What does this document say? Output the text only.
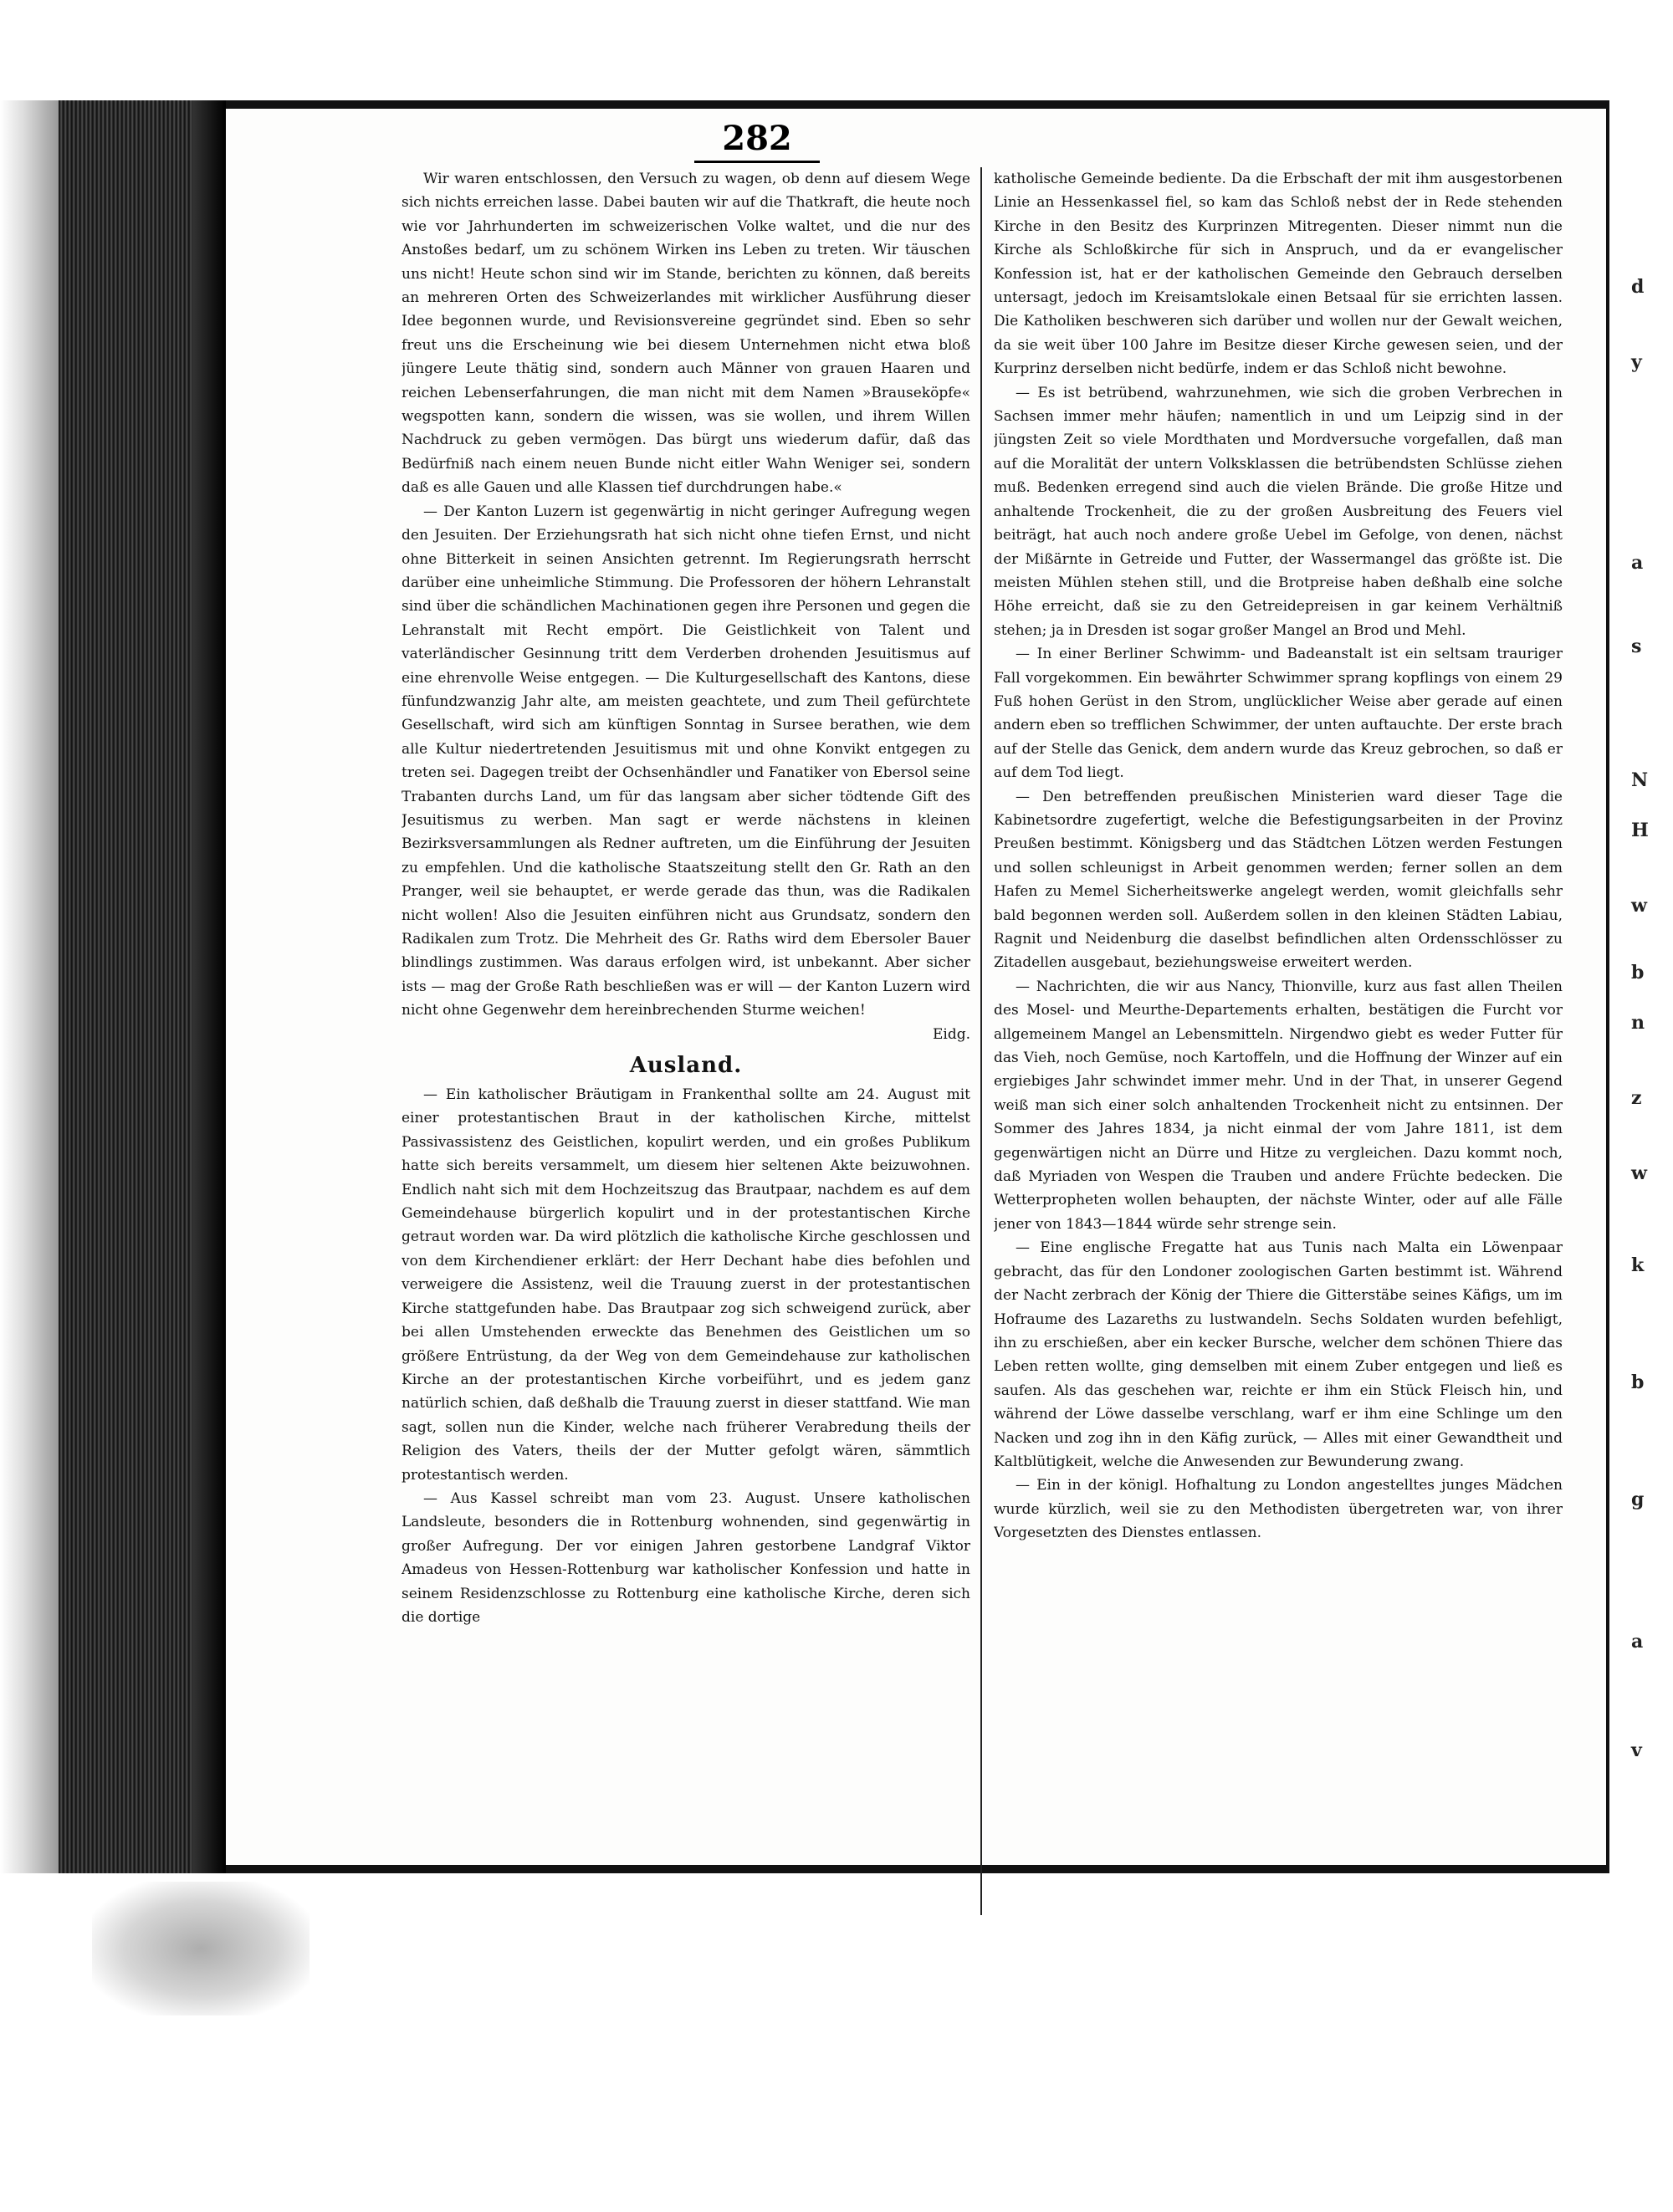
282

Wir waren entschlossen, den Versuch zu wagen, ob denn auf diesem Wege sich nichts erreichen lasse. Dabei bauten wir auf die Thatkraft, die heute noch wie vor Jahrhunderten im schweizerischen Volke waltet, und die nur des Anstoßes bedarf, um zu schönem Wirken ins Leben zu treten. Wir täuschen uns nicht! Heute schon sind wir im Stande, berichten zu können, daß bereits an mehreren Orten des Schweizerlandes mit wirklicher Ausführung dieser Idee begonnen wurde, und Revisionsvereine gegründet sind. Eben so sehr freut uns die Erscheinung wie bei diesem Unternehmen nicht etwa bloß jüngere Leute thätig sind, sondern auch Männer von grauen Haaren und reichen Lebenserfahrungen, die man nicht mit dem Namen »Brauseköpfe« wegspotten kann, sondern die wissen, was sie wollen, und ihrem Willen Nachdruck zu geben vermögen. Das bürgt uns wiederum dafür, daß das Bedürfniß nach einem neuen Bunde nicht eitler Wahn Weniger sei, sondern daß es alle Gauen und alle Klassen tief durchdrungen habe.«

— Der Kanton Luzern ist gegenwärtig in nicht geringer Aufregung wegen den Jesuiten. Der Erziehungsrath hat sich nicht ohne tiefen Ernst, und nicht ohne Bitterkeit in seinen Ansichten getrennt. Im Regierungsrath herrscht darüber eine unheimliche Stimmung. Die Professoren der höhern Lehranstalt sind über die schändlichen Machinationen gegen ihre Personen und gegen die Lehranstalt mit Recht empört. Die Geistlichkeit von Talent und vaterländischer Gesinnung tritt dem Verderben drohenden Jesuitismus auf eine ehrenvolle Weise entgegen. — Die Kulturgesellschaft des Kantons, diese fünfundzwanzig Jahr alte, am meisten geachtete, und zum Theil gefürchtete Gesellschaft, wird sich am künftigen Sonntag in Sursee berathen, wie dem alle Kultur niedertretenden Jesuitismus mit und ohne Konvikt entgegen zu treten sei. Dagegen treibt der Ochsenhändler und Fanatiker von Ebersol seine Trabanten durchs Land, um für das langsam aber sicher tödtende Gift des Jesuitismus zu werben. Man sagt er werde nächstens in kleinen Bezirksversammlungen als Redner auftreten, um die Einführung der Jesuiten zu empfehlen. Und die katholische Staatszeitung stellt den Gr. Rath an den Pranger, weil sie behauptet, er werde gerade das thun, was die Radikalen nicht wollen! Also die Jesuiten einführen nicht aus Grundsatz, sondern den Radikalen zum Trotz. Die Mehrheit des Gr. Raths wird dem Ebersoler Bauer blindlings zustimmen. Was daraus erfolgen wird, ist unbekannt. Aber sicher ists — mag der Große Rath beschließen was er will — der Kanton Luzern wird nicht ohne Gegenwehr dem hereinbrechenden Sturme weichen!

Eidg.
Ausland.

— Ein katholischer Bräutigam in Frankenthal sollte am 24. August mit einer protestantischen Braut in der katholischen Kirche, mittelst Passivassistenz des Geistlichen, kopulirt werden, und ein großes Publikum hatte sich bereits versammelt, um diesem hier seltenen Akte beizuwohnen. Endlich naht sich mit dem Hochzeitszug das Brautpaar, nachdem es auf dem Gemeindehause bürgerlich kopulirt und in der protestantischen Kirche getraut worden war. Da wird plötzlich die katholische Kirche geschlossen und von dem Kirchendiener erklärt: der Herr Dechant habe dies befohlen und verweigere die Assistenz, weil die Trauung zuerst in der protestantischen Kirche stattgefunden habe. Das Brautpaar zog sich schweigend zurück, aber bei allen Umstehenden erweckte das Benehmen des Geistlichen um so größere Entrüstung, da der Weg von dem Gemeindehause zur katholischen Kirche an der protestantischen Kirche vorbeiführt, und es jedem ganz natürlich schien, daß deßhalb die Trauung zuerst in dieser stattfand. Wie man sagt, sollen nun die Kinder, welche nach früherer Verabredung theils der Religion des Vaters, theils der der Mutter gefolgt wären, sämmtlich protestantisch werden.

— Aus Kassel schreibt man vom 23. August. Unsere katholischen Landsleute, besonders die in Rottenburg wohnenden, sind gegenwärtig in großer Aufregung. Der vor einigen Jahren gestorbene Landgraf Viktor Amadeus von Hessen-Rottenburg war katholischer Konfession und hatte in seinem Residenzschlosse zu Rottenburg eine katholische Kirche, deren sich die dortige

katholische Gemeinde bediente. Da die Erbschaft der mit ihm ausgestorbenen Linie an Hessenkassel fiel, so kam das Schloß nebst der in Rede stehenden Kirche in den Besitz des Kurprinzen Mitregenten. Dieser nimmt nun die Kirche als Schloßkirche für sich in Anspruch, und da er evangelischer Konfession ist, hat er der katholischen Gemeinde den Gebrauch derselben untersagt, jedoch im Kreisamtslokale einen Betsaal für sie errichten lassen. Die Katholiken beschweren sich darüber und wollen nur der Gewalt weichen, da sie weit über 100 Jahre im Besitze dieser Kirche gewesen seien, und der Kurprinz derselben nicht bedürfe, indem er das Schloß nicht bewohne.

— Es ist betrübend, wahrzunehmen, wie sich die groben Verbrechen in Sachsen immer mehr häufen; namentlich in und um Leipzig sind in der jüngsten Zeit so viele Mordthaten und Mordversuche vorgefallen, daß man auf die Moralität der untern Volksklassen die betrübendsten Schlüsse ziehen muß. Bedenken erregend sind auch die vielen Brände. Die große Hitze und anhaltende Trockenheit, die zu der großen Ausbreitung des Feuers viel beiträgt, hat auch noch andere große Uebel im Gefolge, von denen, nächst der Mißärnte in Getreide und Futter, der Wassermangel das größte ist. Die meisten Mühlen stehen still, und die Brotpreise haben deßhalb eine solche Höhe erreicht, daß sie zu den Getreidepreisen in gar keinem Verhältniß stehen; ja in Dresden ist sogar großer Mangel an Brod und Mehl.

— In einer Berliner Schwimm- und Badeanstalt ist ein seltsam trauriger Fall vorgekommen. Ein bewährter Schwimmer sprang kopflings von einem 29 Fuß hohen Gerüst in den Strom, unglücklicher Weise aber gerade auf einen andern eben so trefflichen Schwimmer, der unten auftauchte. Der erste brach auf der Stelle das Genick, dem andern wurde das Kreuz gebrochen, so daß er auf dem Tod liegt.

— Den betreffenden preußischen Ministerien ward dieser Tage die Kabinetsordre zugefertigt, welche die Befestigungsarbeiten in der Provinz Preußen bestimmt. Königsberg und das Städtchen Lötzen werden Festungen und sollen schleunigst in Arbeit genommen werden; ferner sollen an dem Hafen zu Memel Sicherheitswerke angelegt werden, womit gleichfalls sehr bald begonnen werden soll. Außerdem sollen in den kleinen Städten Labiau, Ragnit und Neidenburg die daselbst befindlichen alten Ordensschlösser zu Zitadellen ausgebaut, beziehungsweise erweitert werden.

— Nachrichten, die wir aus Nancy, Thionville, kurz aus fast allen Theilen des Mosel- und Meurthe-Departements erhalten, bestätigen die Furcht vor allgemeinem Mangel an Lebensmitteln. Nirgendwo giebt es weder Futter für das Vieh, noch Gemüse, noch Kartoffeln, und die Hoffnung der Winzer auf ein ergiebiges Jahr schwindet immer mehr. Und in der That, in unserer Gegend weiß man sich einer solch anhaltenden Trockenheit nicht zu entsinnen. Der Sommer des Jahres 1834, ja nicht einmal der vom Jahre 1811, ist dem gegenwärtigen nicht an Dürre und Hitze zu vergleichen. Dazu kommt noch, daß Myriaden von Wespen die Trauben und andere Früchte bedecken. Die Wetterpropheten wollen behaupten, der nächste Winter, oder auf alle Fälle jener von 1843—1844 würde sehr strenge sein.

— Eine englische Fregatte hat aus Tunis nach Malta ein Löwenpaar gebracht, das für den Londoner zoologischen Garten bestimmt ist. Während der Nacht zerbrach der König der Thiere die Gitterstäbe seines Käfigs, um im Hofraume des Lazareths zu lustwandeln. Sechs Soldaten wurden befehligt, ihn zu erschießen, aber ein kecker Bursche, welcher dem schönen Thiere das Leben retten wollte, ging demselben mit einem Zuber entgegen und ließ es saufen. Als das geschehen war, reichte er ihm ein Stück Fleisch hin, und während der Löwe dasselbe verschlang, warf er ihm eine Schlinge um den Nacken und zog ihn in den Käfig zurück, — Alles mit einer Gewandtheit und Kaltblütigkeit, welche die Anwesenden zur Bewunderung zwang.

— Ein in der königl. Hofhaltung zu London angestelltes junges Mädchen wurde kürzlich, weil sie zu den Methodisten übergetreten war, von ihrer Vorgesetzten des Dienstes entlassen.

d
y
a
s
N
H
w
b
n
z
w
k
b
g
a
v
